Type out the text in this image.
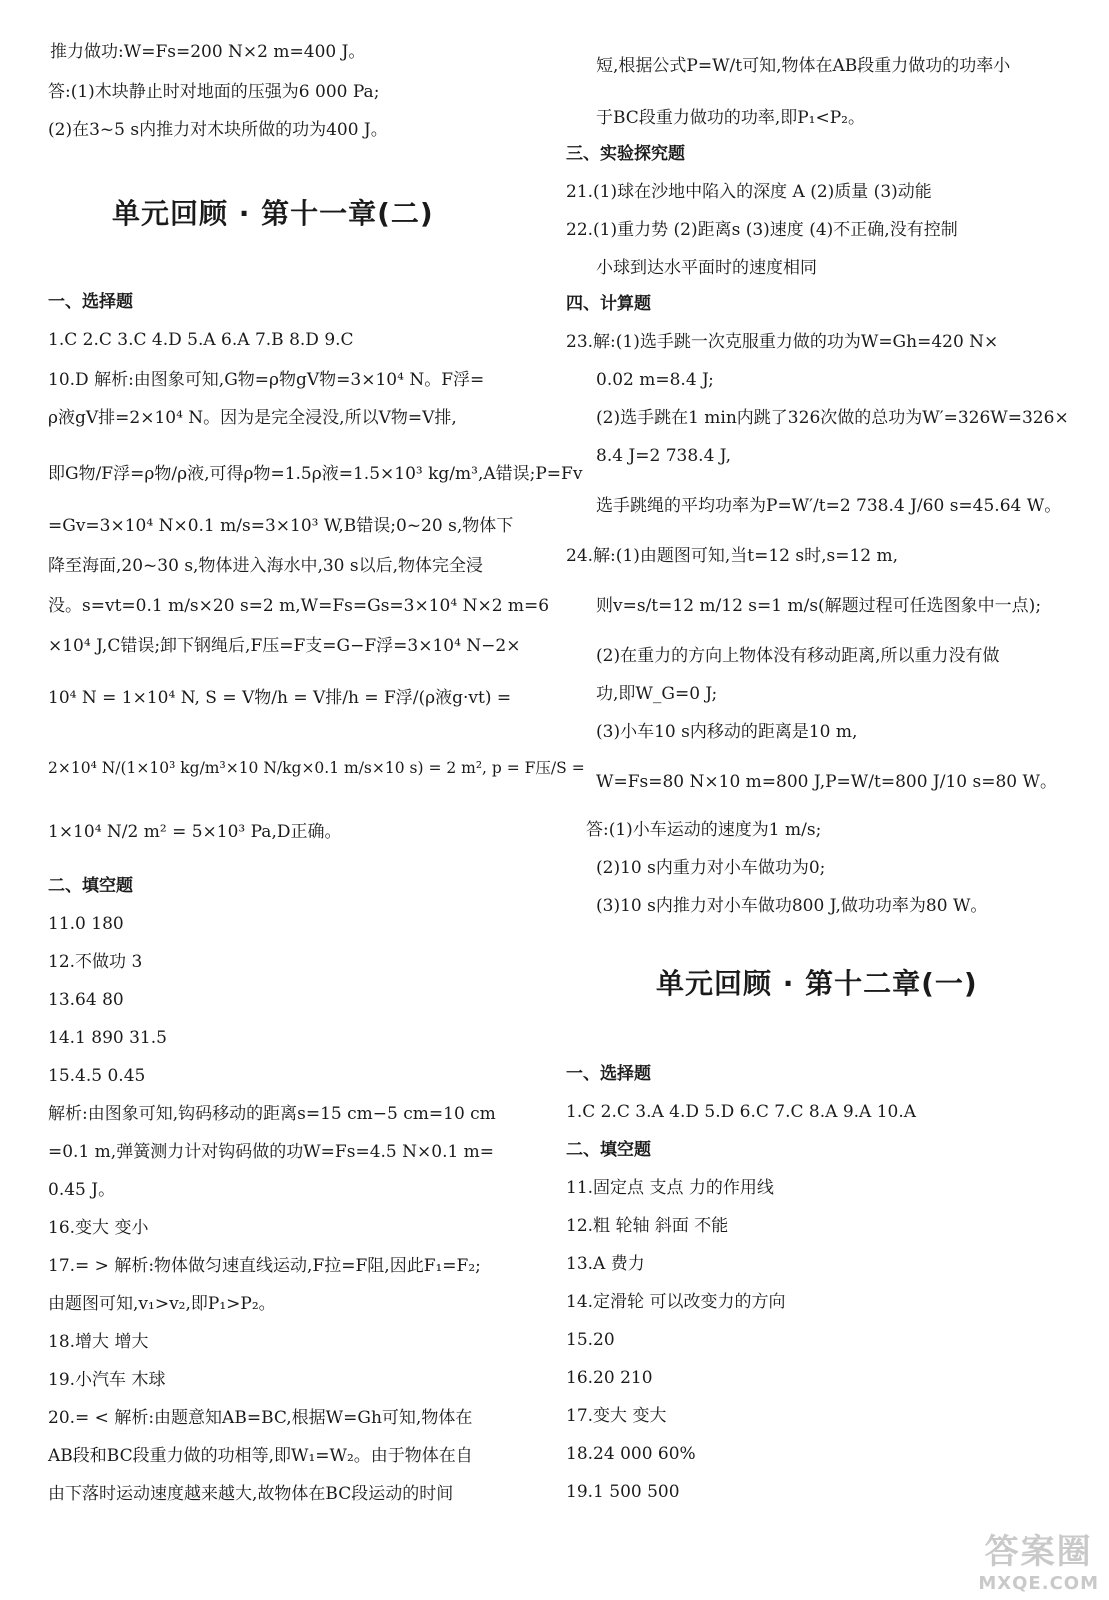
推力做功:W=Fs=200 N×2 m=400 J。
答:(1)木块静止时对地面的压强为6 000 Pa;
(2)在3~5 s内推力对木块所做的功为400 J。
单元回顾 · 第十一章(二)
一、选择题
1.C 2.C 3.C 4.D 5.A 6.A 7.B 8.D 9.C
10.D 解析:由图象可知,G物=ρ物gV物=3×10⁴ N。F浮=
ρ液gV排=2×10⁴ N。因为是完全浸没,所以V物=V排,
即G物/F浮=ρ物/ρ液,可得ρ物=1.5ρ液=1.5×10³ kg/m³,A错误;P=Fv
=Gv=3×10⁴ N×0.1 m/s=3×10³ W,B错误;0~20 s,物体下
降至海面,20~30 s,物体进入海水中,30 s以后,物体完全浸
没。s=vt=0.1 m/s×20 s=2 m,W=Fs=Gs=3×10⁴ N×2 m=6
×10⁴ J,C错误;卸下钢绳后,F压=F支=G−F浮=3×10⁴ N−2×
10⁴ N = 1×10⁴ N, S = V物/h = V排/h = F浮/(ρ液g·vt) =
2×10⁴ N/(1×10³ kg/m³×10 N/kg×0.1 m/s×10 s) = 2 m², p = F压/S =
1×10⁴ N/2 m² = 5×10³ Pa,D正确。
二、填空题
11.0 180
12.不做功 3
13.64 80
14.1 890 31.5
15.4.5 0.45
解析:由图象可知,钩码移动的距离s=15 cm−5 cm=10 cm
=0.1 m,弹簧测力计对钩码做的功W=Fs=4.5 N×0.1 m=
0.45 J。
16.变大 变小
17.= > 解析:物体做匀速直线运动,F拉=F阻,因此F₁=F₂;
由题图可知,v₁>v₂,即P₁>P₂。
18.增大 增大
19.小汽车 木球
20.= < 解析:由题意知AB=BC,根据W=Gh可知,物体在
AB段和BC段重力做的功相等,即W₁=W₂。由于物体在自
由下落时运动速度越来越大,故物体在BC段运动的时间
短,根据公式P=W/t可知,物体在AB段重力做功的功率小
于BC段重力做功的功率,即P₁<P₂。
三、实验探究题
21.(1)球在沙地中陷入的深度 A (2)质量 (3)动能
22.(1)重力势 (2)距离s (3)速度 (4)不正确,没有控制
小球到达水平面时的速度相同
四、计算题
23.解:(1)选手跳一次克服重力做的功为W=Gh=420 N×
0.02 m=8.4 J;
(2)选手跳在1 min内跳了326次做的总功为W′=326W=326×
8.4 J=2 738.4 J,
选手跳绳的平均功率为P=W′/t=2 738.4 J/60 s=45.64 W。
24.解:(1)由题图可知,当t=12 s时,s=12 m,
则v=s/t=12 m/12 s=1 m/s(解题过程可任选图象中一点);
(2)在重力的方向上物体没有移动距离,所以重力没有做
功,即W_G=0 J;
(3)小车10 s内移动的距离是10 m,
W=Fs=80 N×10 m=800 J,P=W/t=800 J/10 s=80 W。
答:(1)小车运动的速度为1 m/s;
(2)10 s内重力对小车做功为0;
(3)10 s内推力对小车做功800 J,做功功率为80 W。
单元回顾 · 第十二章(一)
一、选择题
1.C 2.C 3.A 4.D 5.D 6.C 7.C 8.A 9.A 10.A
二、填空题
11.固定点 支点 力的作用线
12.粗 轮轴 斜面 不能
13.A 费力
14.定滑轮 可以改变力的方向
15.20
16.20 210
17.变大 变大
18.24 000 60%
19.1 500 500
答案圈
MXQE.COM
